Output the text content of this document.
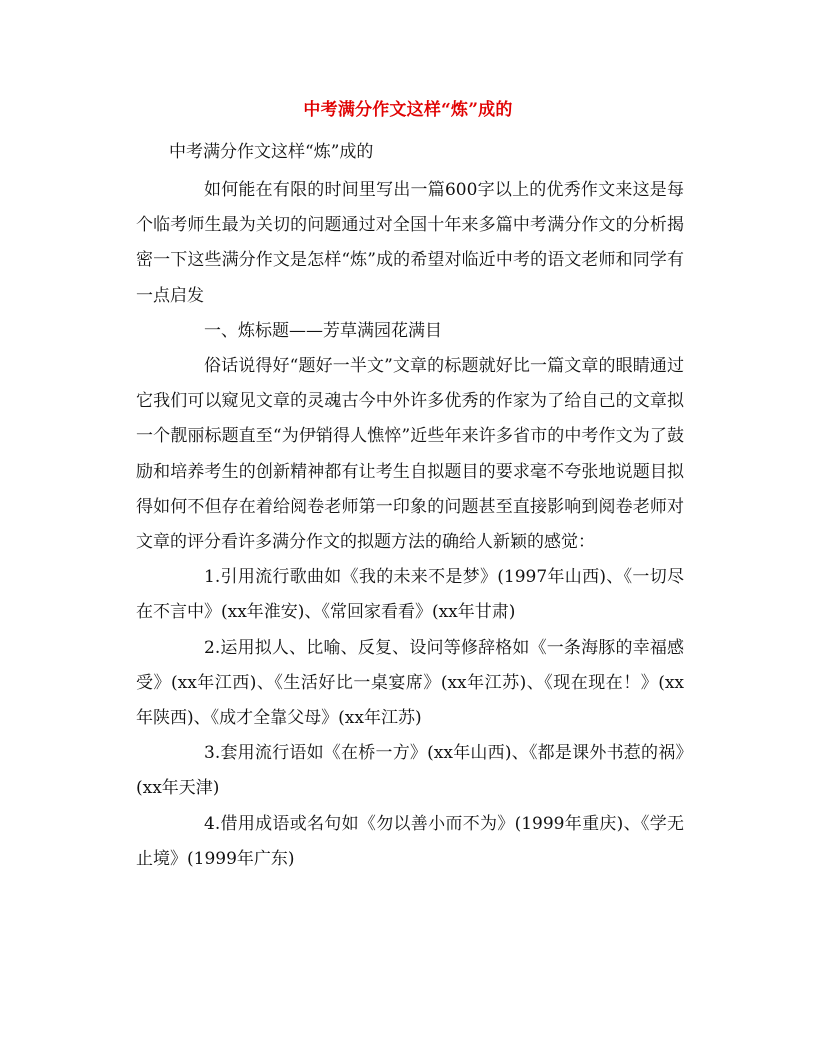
中考满分作文这样“炼”成的
中考满分作文这样“炼”成的

如何能在有限的时间里写出一篇600字以上的优秀作文来这是每个临考师生最为关切的问题通过对全国十年来多篇中考满分作文的分析揭密一下这些满分作文是怎样“炼”成的希望对临近中考的语文老师和同学有一点启发

一、炼标题——芳草满园花满目

俗话说得好“题好一半文”文章的标题就好比一篇文章的眼睛通过它我们可以窥见文章的灵魂古今中外许多优秀的作家为了给自己的文章拟一个靓丽标题直至“为伊销得人憔悴”近些年来许多省市的中考作文为了鼓励和培养考生的创新精神都有让考生自拟题目的要求毫不夸张地说题目拟得如何不但存在着给阅卷老师第一印象的问题甚至直接影响到阅卷老师对文章的评分看许多满分作文的拟题方法的确给人新颖的感觉：

1.引用流行歌曲如《我的未来不是梦》(1997年山西)、《一切尽在不言中》(xx年淮安)、《常回家看看》(xx年甘肃)

2.运用拟人、比喻、反复、设问等修辞格如《一条海豚的幸福感受》(xx年江西)、《生活好比一桌宴席》(xx年江苏)、《现在现在！》(xx年陕西)、《成才全靠父母》(xx年江苏)

3.套用流行语如《在桥一方》(xx年山西)、《都是课外书惹的祸》(xx年天津)

4.借用成语或名句如《勿以善小而不为》(1999年重庆)、《学无止境》(1999年广东)
